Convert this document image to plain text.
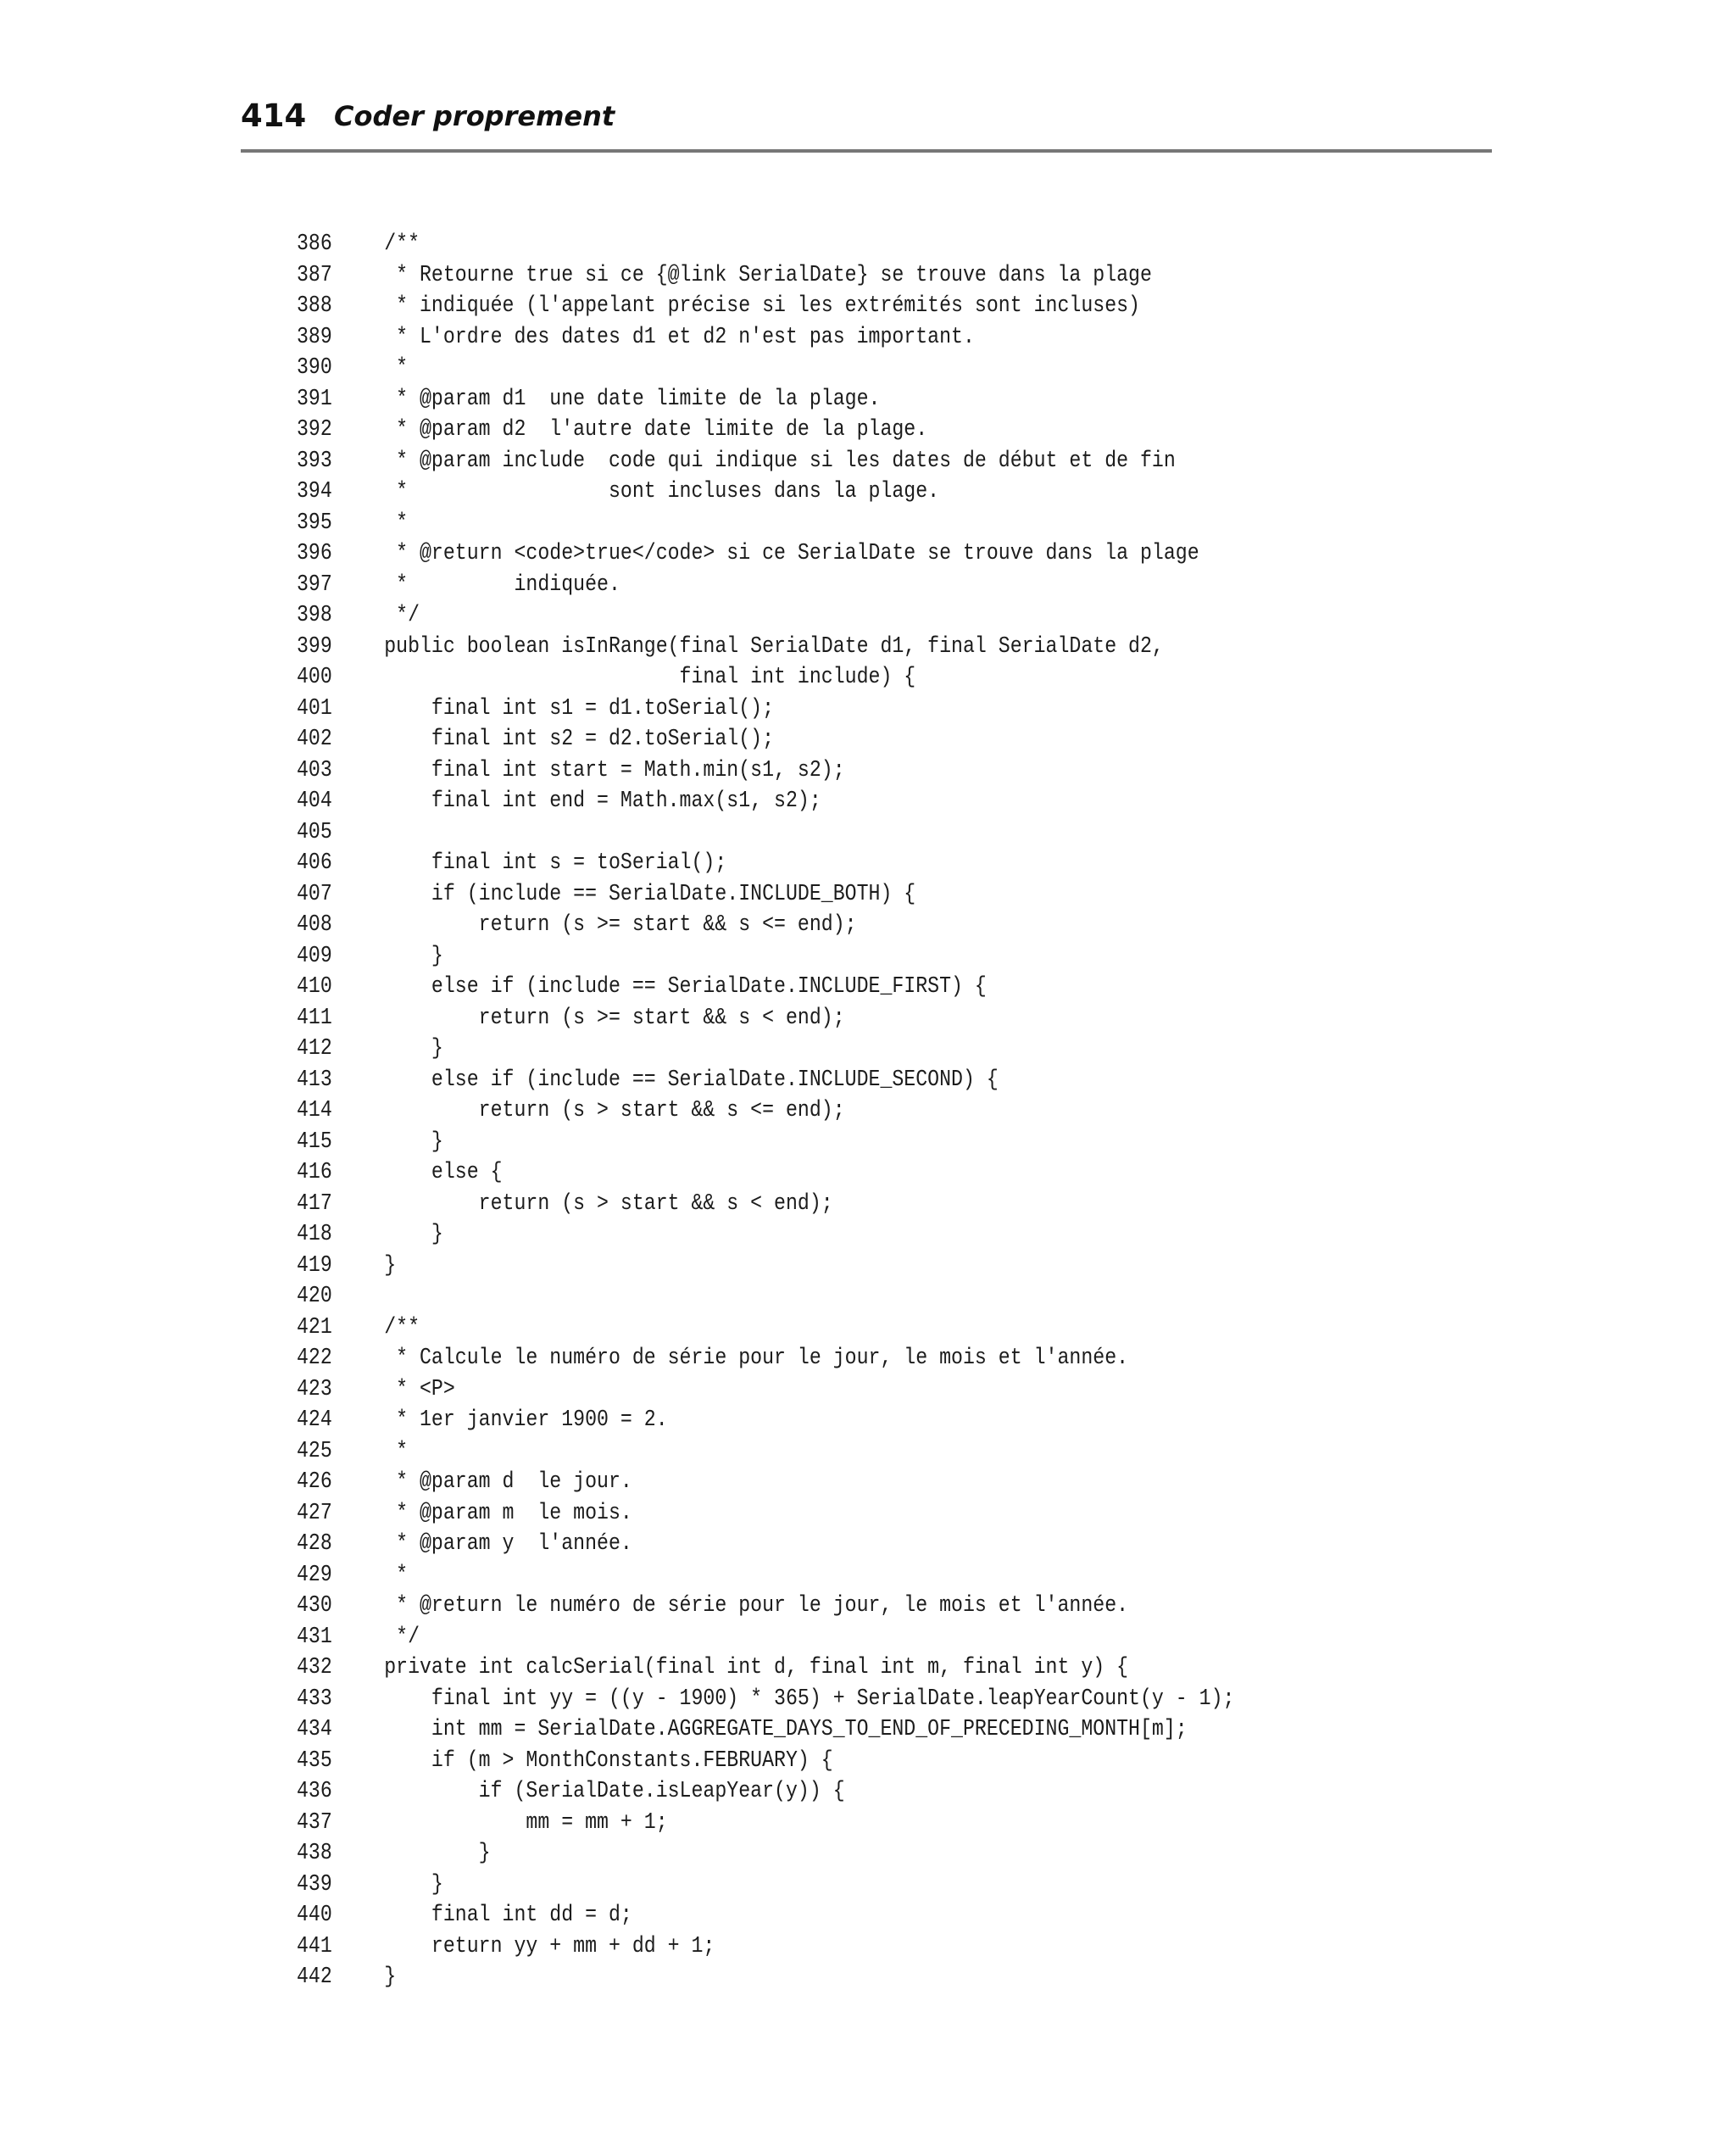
414 Coder proprement
386 /**
387 * Retourne true si ce {@link SerialDate} se trouve dans la plage
388 * indiquée (l'appelant précise si les extrémités sont incluses)
389 * L'ordre des dates d1 et d2 n'est pas important.
390 *
391 * @param d1  une date limite de la plage.
392 * @param d2  l'autre date limite de la plage.
393 * @param include  code qui indique si les dates de début et de fin
394 *                 sont incluses dans la plage.
395 *
396 * @return <code>true</code> si ce SerialDate se trouve dans la plage
397 *         indiquée.
398 */
399 public boolean isInRange(final SerialDate d1, final SerialDate d2,
400                         final int include) {
401    final int s1 = d1.toSerial();
402    final int s2 = d2.toSerial();
403    final int start = Math.min(s1, s2);
404    final int end = Math.max(s1, s2);
405
406    final int s = toSerial();
407    if (include == SerialDate.INCLUDE_BOTH) {
408        return (s >= start && s <= end);
409    }
410    else if (include == SerialDate.INCLUDE_FIRST) {
411        return (s >= start && s < end);
412    }
413    else if (include == SerialDate.INCLUDE_SECOND) {
414        return (s > start && s <= end);
415    }
416    else {
417        return (s > start && s < end);
418    }
419 }
420
421 /**
422 * Calcule le numéro de série pour le jour, le mois et l'année.
423 * <P>
424 * 1er janvier 1900 = 2.
425 *
426 * @param d  le jour.
427 * @param m  le mois.
428 * @param y  l'année.
429 *
430 * @return le numéro de série pour le jour, le mois et l'année.
431 */
432 private int calcSerial(final int d, final int m, final int y) {
433    final int yy = ((y - 1900) * 365) + SerialDate.leapYearCount(y - 1);
434    int mm = SerialDate.AGGREGATE_DAYS_TO_END_OF_PRECEDING_MONTH[m];
435    if (m > MonthConstants.FEBRUARY) {
436        if (SerialDate.isLeapYear(y)) {
437            mm = mm + 1;
438        }
439    }
440    final int dd = d;
441    return yy + mm + dd + 1;
442 }
